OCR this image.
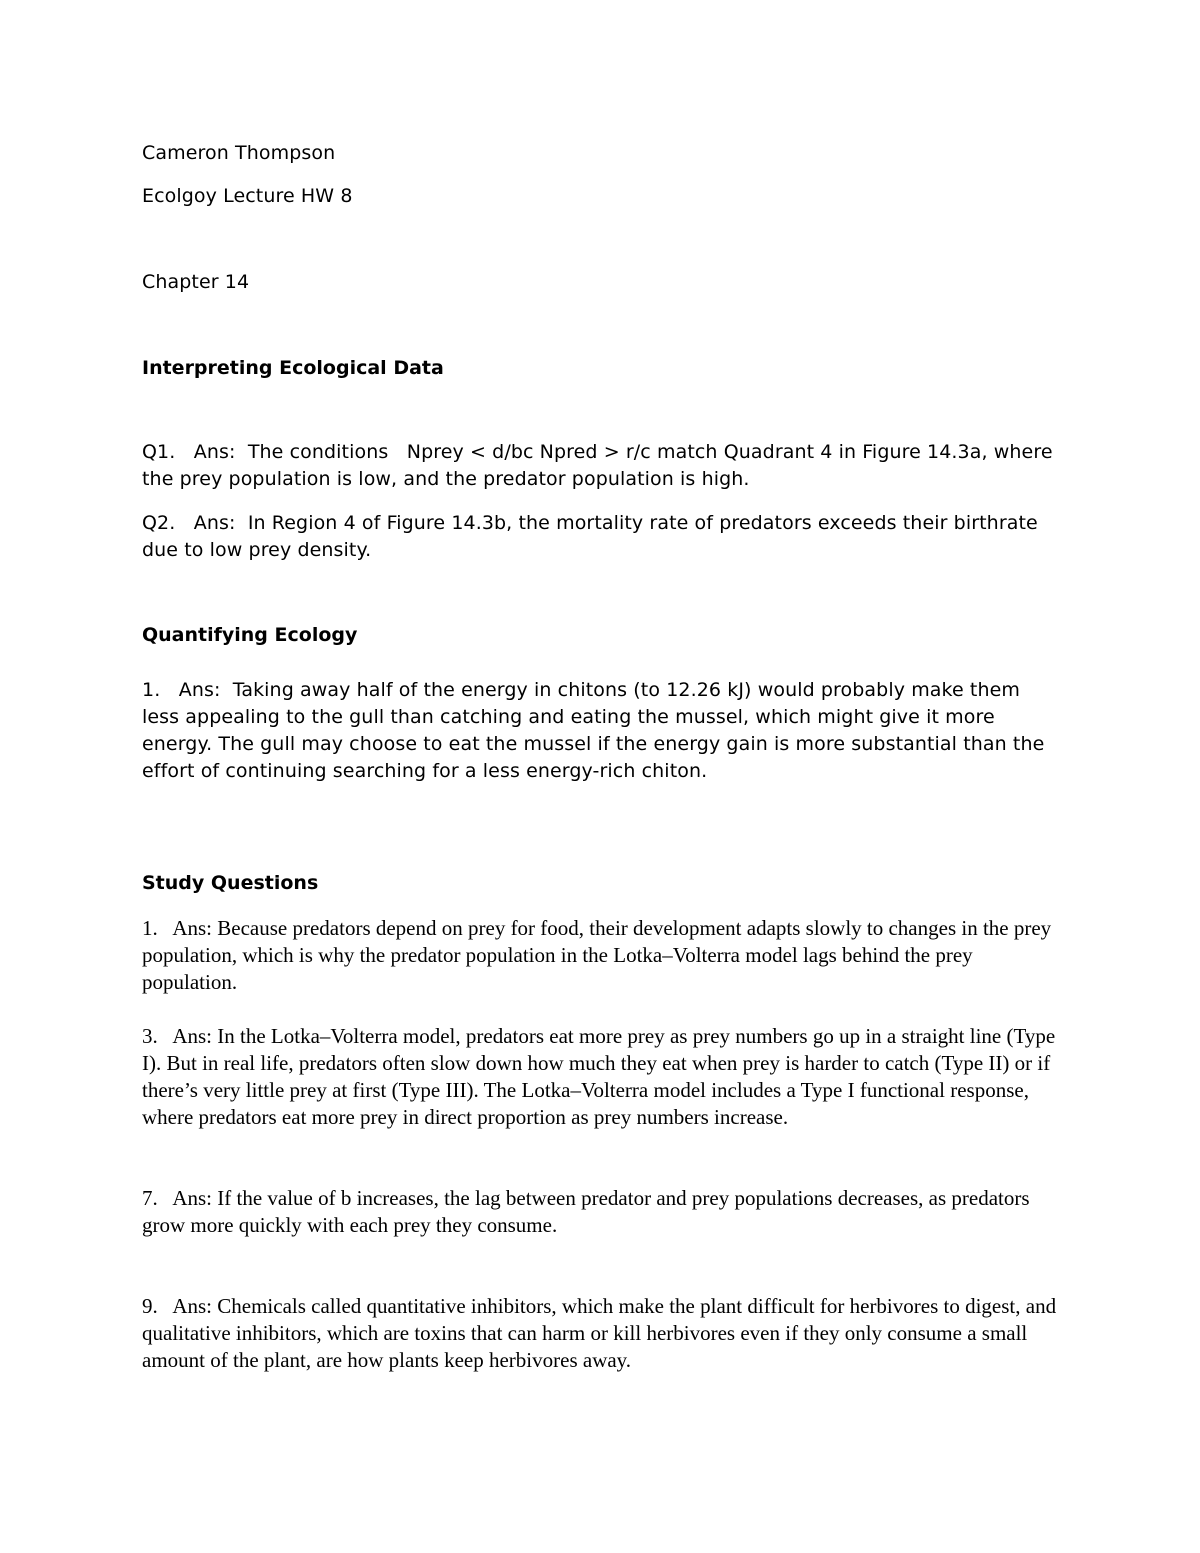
Cameron Thompson

Ecolgoy Lecture HW 8

Chapter 14

Interpreting Ecological Data

Q1.   Ans:  The conditions   Nprey < d/bc Npred > r/c match Quadrant 4 in Figure 14.3a, where the prey population is low, and the predator population is high.

Q2.   Ans:  In Region 4 of Figure 14.3b, the mortality rate of predators exceeds their birthrate due to low prey density.

Quantifying Ecology

1.   Ans:  Taking away half of the energy in chitons (to 12.26 kJ) would probably make them less appealing to the gull than catching and eating the mussel, which might give it more energy. The gull may choose to eat the mussel if the energy gain is more substantial than the effort of continuing searching for a less energy-rich chiton.

Study Questions

1.   Ans: Because predators depend on prey for food, their development adapts slowly to changes in the prey population, which is why the predator population in the Lotka–Volterra model lags behind the prey population.

3.   Ans: In the Lotka–Volterra model, predators eat more prey as prey numbers go up in a straight line (Type I). But in real life, predators often slow down how much they eat when prey is harder to catch (Type II) or if there’s very little prey at first (Type III). The Lotka–Volterra model includes a Type I functional response, where predators eat more prey in direct proportion as prey numbers increase.

7.   Ans: If the value of b increases, the lag between predator and prey populations decreases, as predators grow more quickly with each prey they consume.

9.   Ans: Chemicals called quantitative inhibitors, which make the plant difficult for herbivores to digest, and qualitative inhibitors, which are toxins that can harm or kill herbivores even if they only consume a small amount of the plant, are how plants keep herbivores away.
